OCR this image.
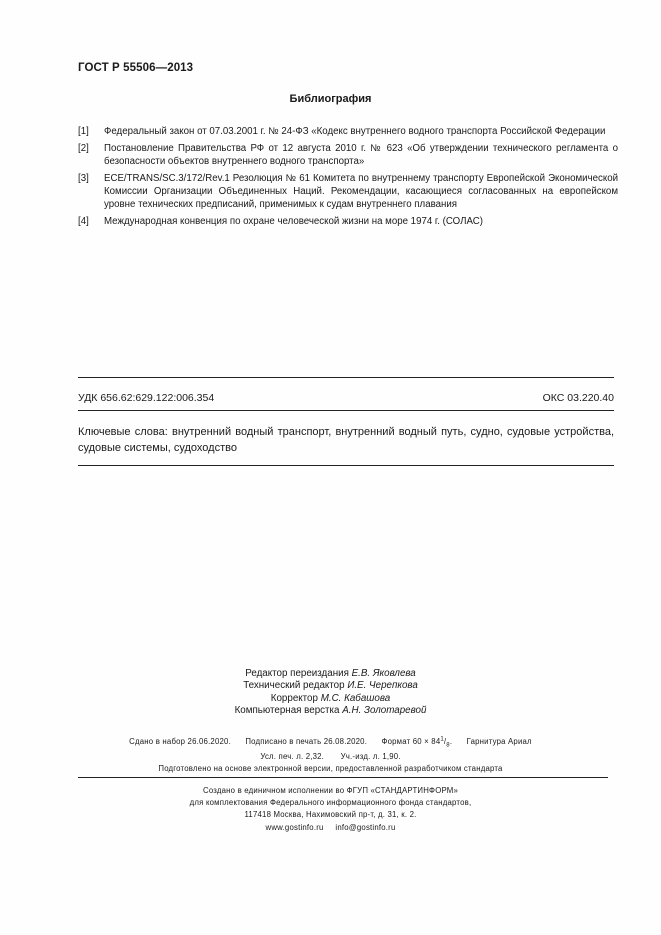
ГОСТ Р 55506—2013
Библиография
[1]	Федеральный закон от 07.03.2001 г. № 24-ФЗ «Кодекс внутреннего водного транспорта Российской Федерации
[2]	Постановление Правительства РФ от 12 августа 2010 г. № 623 «Об утверждении технического регламента о безопасности объектов внутреннего водного транспорта»
[3]	ECE/TRANS/SC.3/172/Rev.1 Резолюция № 61 Комитета по внутреннему транспорту Европейской Экономической Комиссии Организации Объединенных Наций. Рекомендации, касающиеся согласованных на европейском уровне технических предписаний, применимых к судам внутреннего плавания
[4]	Международная конвенция по охране человеческой жизни на море 1974 г. (СОЛАС)
УДК 656.62:629.122:006.354	ОКС 03.220.40
Ключевые слова: внутренний водный транспорт, внутренний водный путь, судно, судовые устройства, судовые системы, судоходство
Редактор переиздания Е.В. Яковлева
Технический редактор И.Е. Черепкова
Корректор М.С. Кабашова
Компьютерная верстка А.Н. Золотаревой
Сдано в набор 26.06.2020. Подписано в печать 26.08.2020. Формат $60 \times 84^1/_8$. Гарнитура Ариал
Усл. печ. л. 2,32. Уч.-изд. л. 1,90.
Подготовлено на основе электронной версии, предоставленной разработчиком стандарта
Создано в единичном исполнении во ФГУП «СТАНДАРТИНФОРМ»
для комплектования Федерального информационного фонда стандартов,
117418 Москва, Нахимовский пр-т, д. 31, к. 2.
www.gostinfo.ru info@gostinfo.ru
